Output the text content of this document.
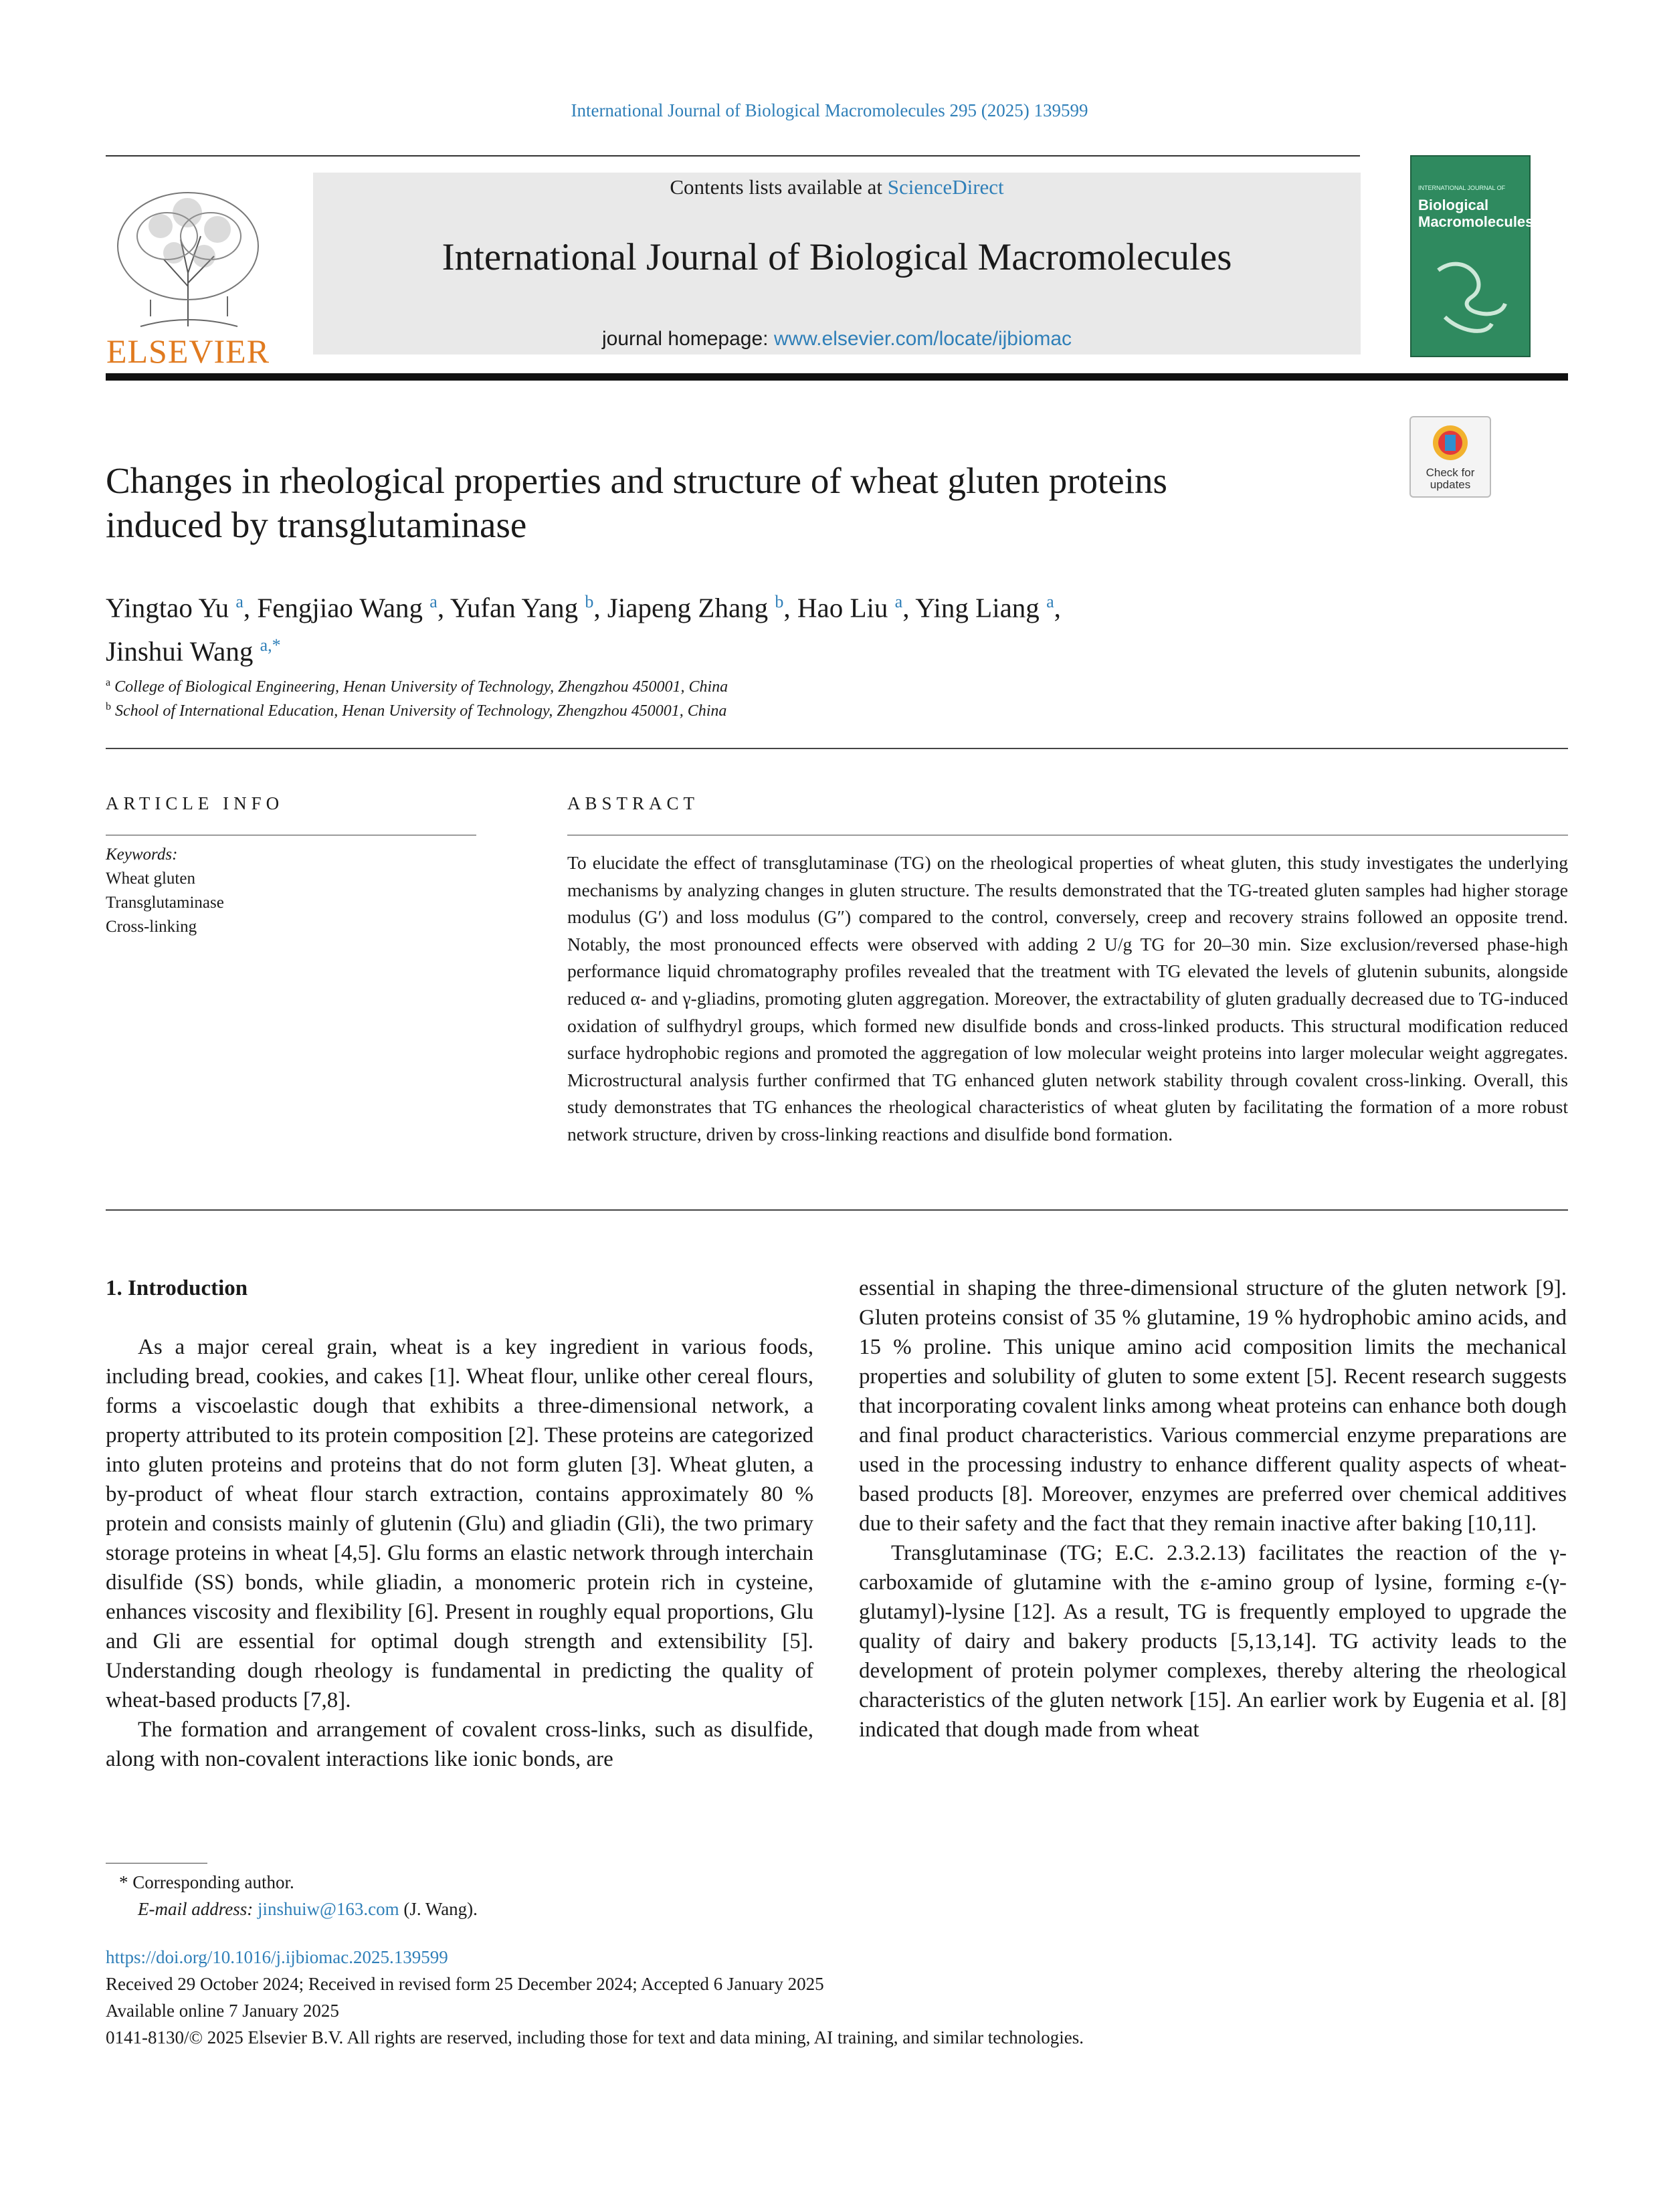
International Journal of Biological Macromolecules 295 (2025) 139599
ELSEVIER
Contents lists available at ScienceDirect
International Journal of Biological Macromolecules
journal homepage: www.elsevier.com/locate/ijbiomac
INTERNATIONAL JOURNAL OF
Biological Macromolecules
Check for updates
Changes in rheological properties and structure of wheat gluten proteins
induced by transglutaminase
Yingtao Yu $^a$, Fengjiao Wang $^a$, Yufan Yang $^b$, Jiapeng Zhang $^b$, Hao Liu $^a$, Ying Liang $^a$,
Jinshui Wang $^{a,*}$
$^a$ College of Biological Engineering, Henan University of Technology, Zhengzhou 450001, China
$^b$ School of International Education, Henan University of Technology, Zhengzhou 450001, China
ARTICLE INFO
Keywords:
Wheat gluten
Transglutaminase
Cross-linking
ABSTRACT
To elucidate the effect of transglutaminase (TG) on the rheological properties of wheat gluten, this study investigates the underlying mechanisms by analyzing changes in gluten structure. The results demonstrated that the TG-treated gluten samples had higher storage modulus (G′) and loss modulus (G″) compared to the control, conversely, creep and recovery strains followed an opposite trend. Notably, the most pronounced effects were observed with adding 2 U/g TG for 20–30 min. Size exclusion/reversed phase-high performance liquid chromatography profiles revealed that the treatment with TG elevated the levels of glutenin subunits, alongside reduced α- and γ-gliadins, promoting gluten aggregation. Moreover, the extractability of gluten gradually decreased due to TG-induced oxidation of sulfhydryl groups, which formed new disulfide bonds and cross-linked products. This structural modification reduced surface hydrophobic regions and promoted the aggregation of low molecular weight proteins into larger molecular weight aggregates. Microstructural analysis further confirmed that TG enhanced gluten network stability through covalent cross-linking. Overall, this study demonstrates that TG enhances the rheological characteristics of wheat gluten by facilitating the formation of a more robust network structure, driven by cross-linking reactions and disulfide bond formation.

1. Introduction

As a major cereal grain, wheat is a key ingredient in various foods, including bread, cookies, and cakes [1]. Wheat flour, unlike other cereal flours, forms a viscoelastic dough that exhibits a three-dimensional network, a property attributed to its protein composition [2]. These proteins are categorized into gluten proteins and proteins that do not form gluten [3]. Wheat gluten, a by-product of wheat flour starch extraction, contains approximately 80 % protein and consists mainly of glutenin (Glu) and gliadin (Gli), the two primary storage proteins in wheat [4,5]. Glu forms an elastic network through interchain disulfide (SS) bonds, while gliadin, a monomeric protein rich in cysteine, enhances viscosity and flexibility [6]. Present in roughly equal proportions, Glu and Gli are essential for optimal dough strength and extensibility [5]. Understanding dough rheology is fundamental in predicting the quality of wheat-based products [7,8].

The formation and arrangement of covalent cross-links, such as disulfide, along with non-covalent interactions like ionic bonds, are

essential in shaping the three-dimensional structure of the gluten network [9]. Gluten proteins consist of 35 % glutamine, 19 % hydrophobic amino acids, and 15 % proline. This unique amino acid composition limits the mechanical properties and solubility of gluten to some extent [5]. Recent research suggests that incorporating covalent links among wheat proteins can enhance both dough and final product characteristics. Various commercial enzyme preparations are used in the processing industry to enhance different quality aspects of wheat-based products [8]. Moreover, enzymes are preferred over chemical additives due to their safety and the fact that they remain inactive after baking [10,11].

Transglutaminase (TG; E.C. 2.3.2.13) facilitates the reaction of the γ-carboxamide of glutamine with the ε-amino group of lysine, forming ε-(γ-glutamyl)-lysine [12]. As a result, TG is frequently employed to upgrade the quality of dairy and bakery products [5,13,14]. TG activity leads to the development of protein polymer complexes, thereby altering the rheological characteristics of the gluten network [15]. An earlier work by Eugenia et al. [8] indicated that dough made from wheat

* Corresponding author.
E-mail address: jinshuiw@163.com (J. Wang).
https://doi.org/10.1016/j.ijbiomac.2025.139599
Received 29 October 2024; Received in revised form 25 December 2024; Accepted 6 January 2025
Available online 7 January 2025
0141-8130/© 2025 Elsevier B.V. All rights are reserved, including those for text and data mining, AI training, and similar technologies.
